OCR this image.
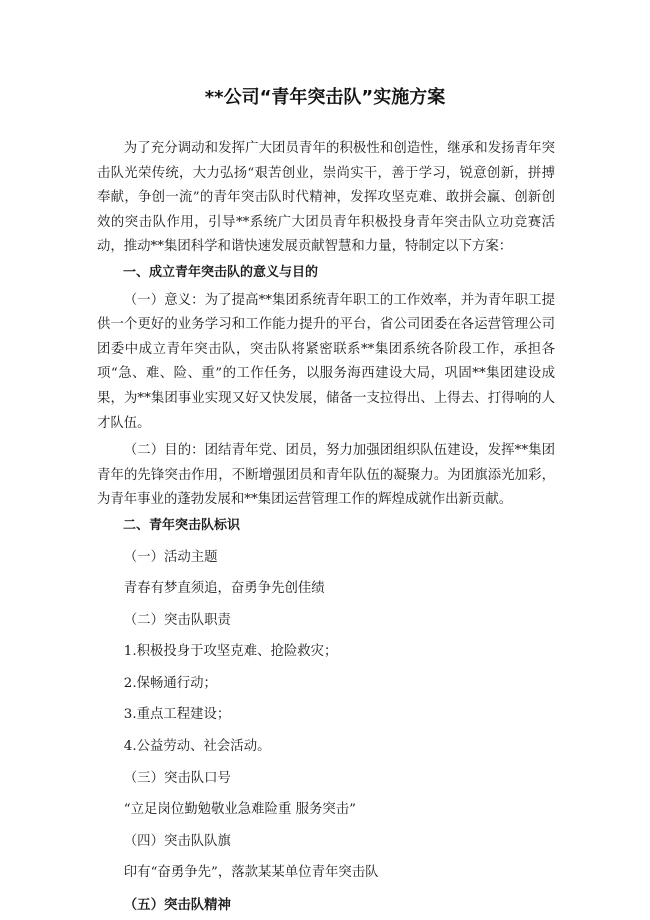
**公司“青年突击队”实施方案

为了充分调动和发挥广大团员青年的积极性和创造性，继承和发扬青年突击队光荣传统，大力弘扬“艰苦创业，崇尚实干，善于学习，锐意创新，拼搏奉献，争创一流”的青年突击队时代精神，发挥攻坚克难、敢拼会赢、创新创效的突击队作用，引导**系统广大团员青年积极投身青年突击队立功竞赛活动，推动**集团科学和谐快速发展贡献智慧和力量，特制定以下方案：

一、成立青年突击队的意义与目的

（一）意义：为了提高**集团系统青年职工的工作效率，并为青年职工提供一个更好的业务学习和工作能力提升的平台，省公司团委在各运营管理公司团委中成立青年突击队，突击队将紧密联系**集团系统各阶段工作，承担各项“急、难、险、重”的工作任务，以服务海西建设大局，巩固**集团建设成果，为**集团事业实现又好又快发展，储备一支拉得出、上得去、打得响的人才队伍。

（二）目的：团结青年党、团员，努力加强团组织队伍建设，发挥**集团青年的先锋突击作用，不断增强团员和青年队伍的凝聚力。为团旗添光加彩，为青年事业的蓬勃发展和**集团运营管理工作的辉煌成就作出新贡献。

二、青年突击队标识

（一）活动主题

青春有梦直须追，奋勇争先创佳绩

（二）突击队职责

1.积极投身于攻坚克难、抢险救灾；

2.保畅通行动；

3.重点工程建设；

4.公益劳动、社会活动。

（三）突击队口号

“立足岗位勤勉敬业急难险重 服务突击”

（四）突击队队旗

印有“奋勇争先”，落款某某单位青年突击队

（五）突击队精神
